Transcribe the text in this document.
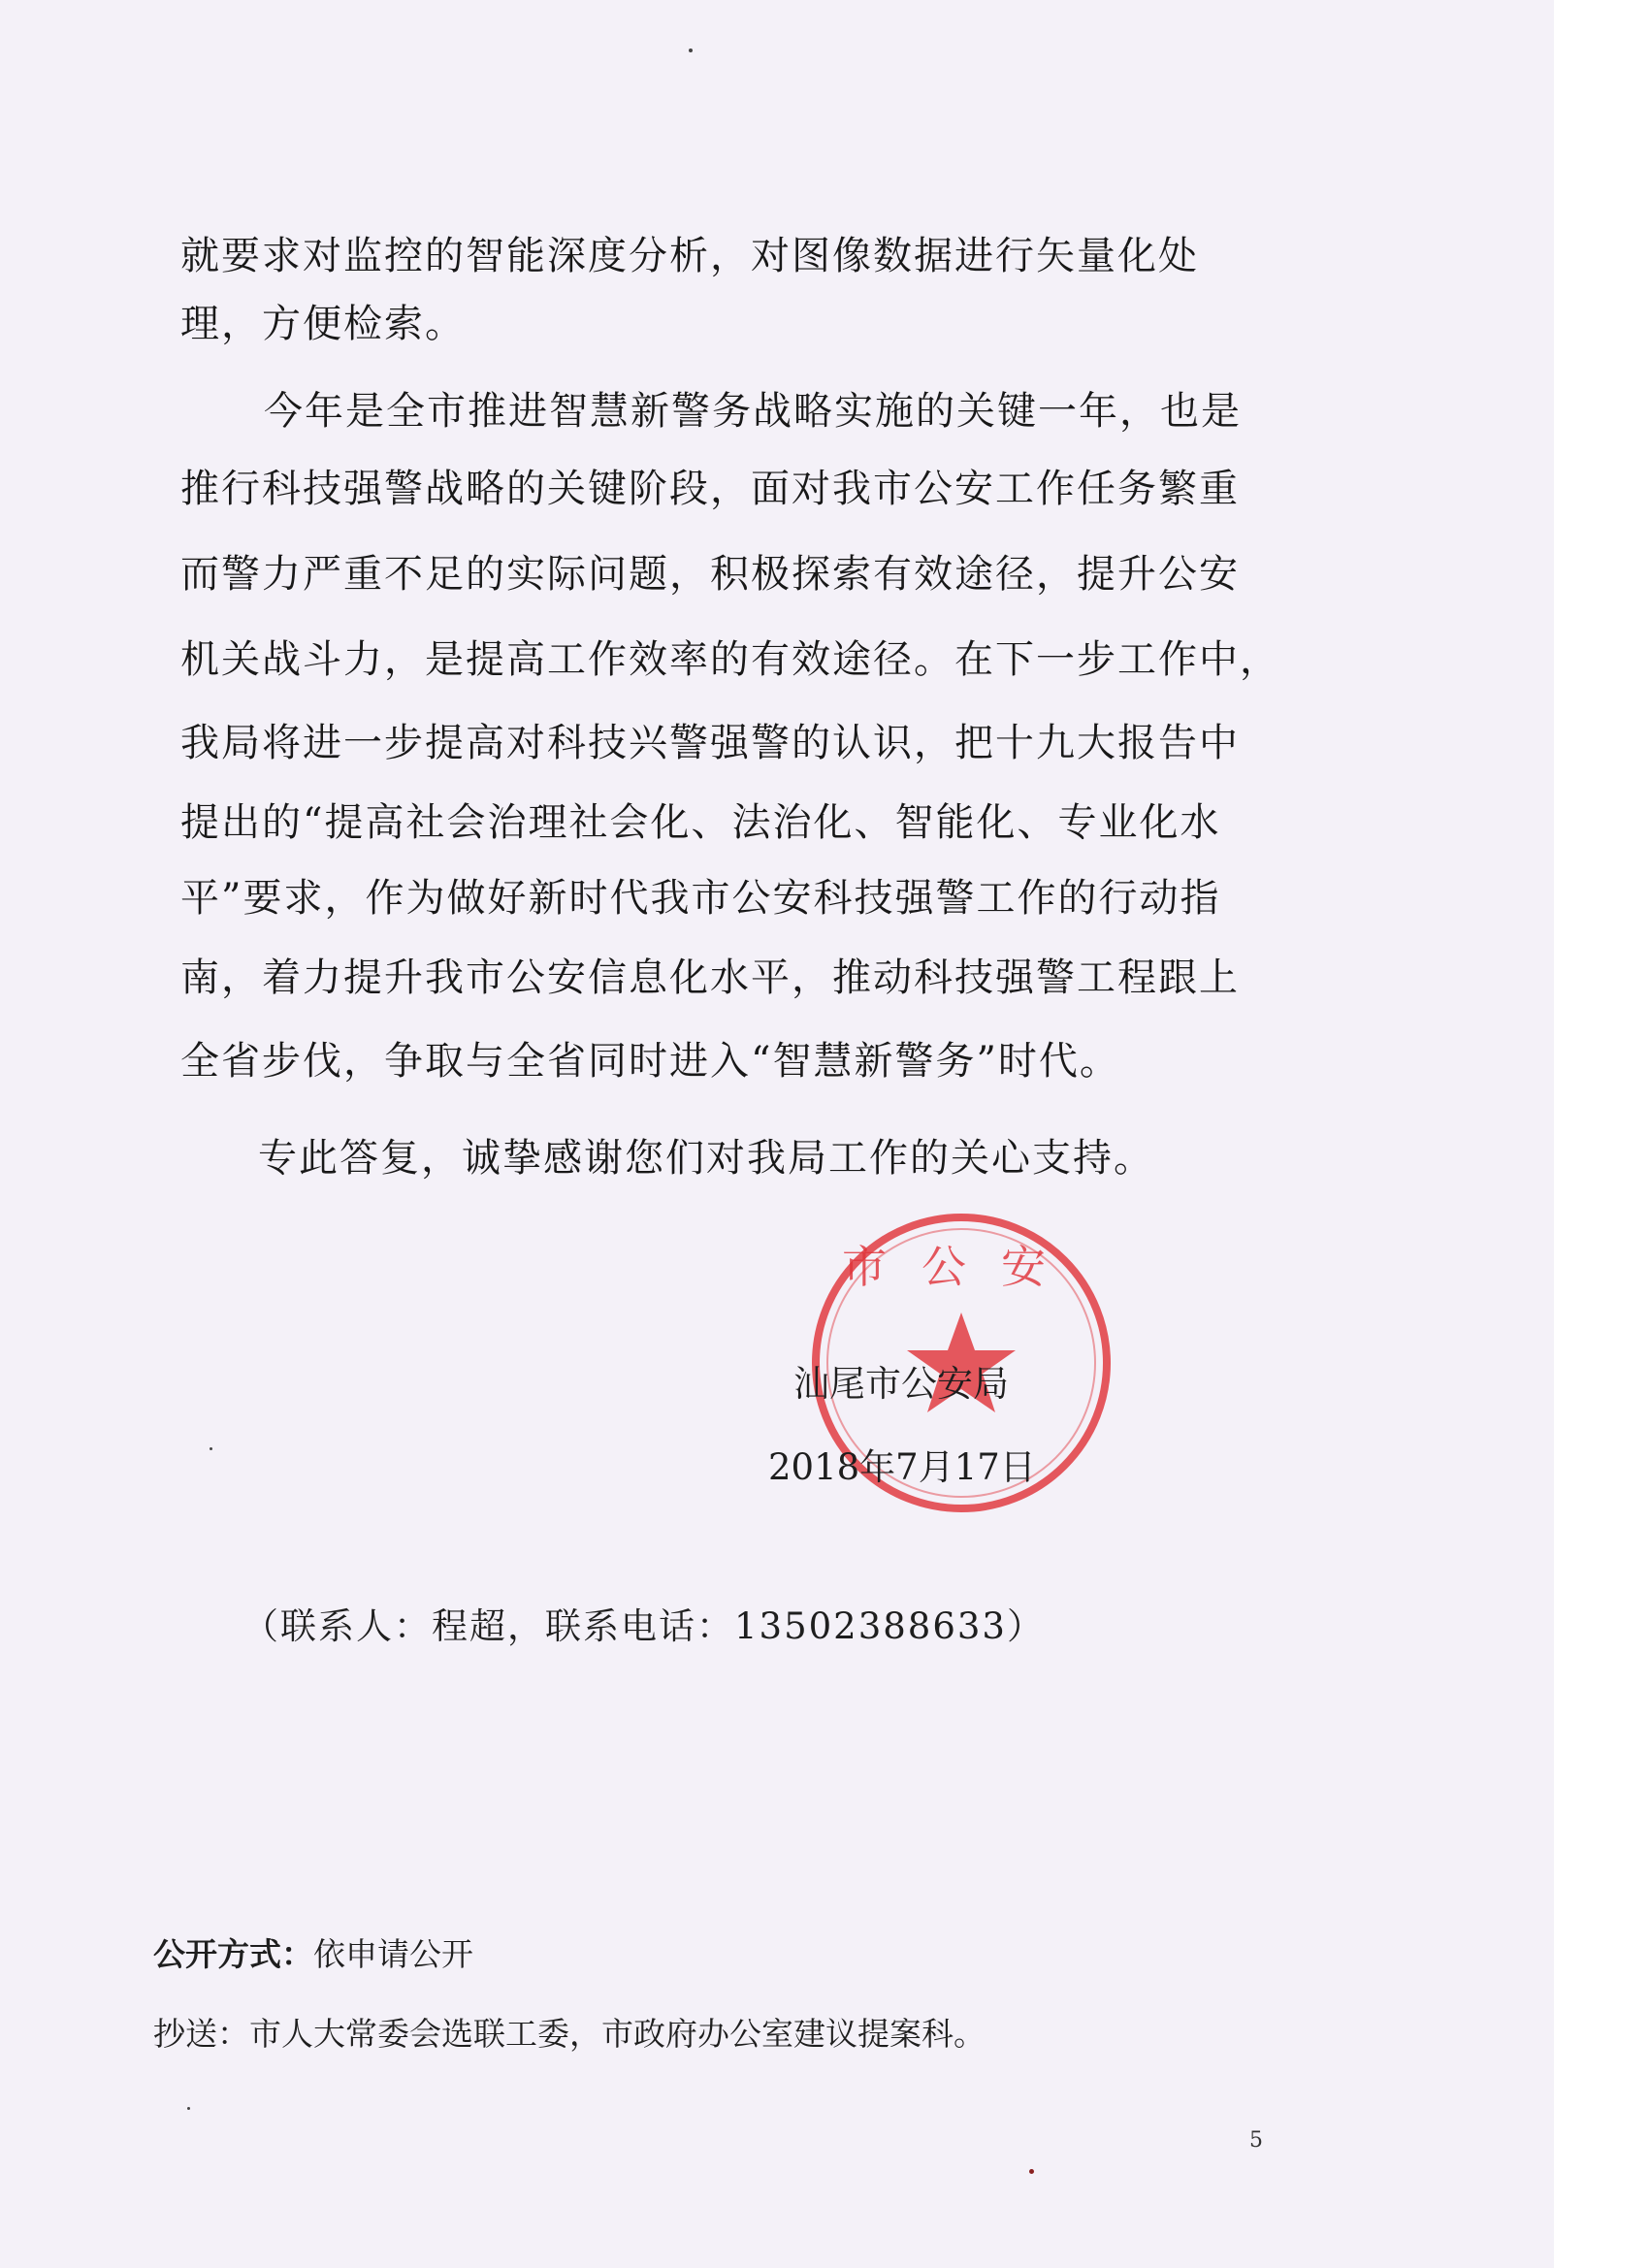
就要求对监控的智能深度分析，对图像数据进行矢量化处

理，方便检索。

今年是全市推进智慧新警务战略实施的关键一年，也是

推行科技强警战略的关键阶段，面对我市公安工作任务繁重

而警力严重不足的实际问题，积极探索有效途径，提升公安

机关战斗力，是提高工作效率的有效途径。在下一步工作中，

我局将进一步提高对科技兴警强警的认识，把十九大报告中

提出的“提高社会治理社会化、法治化、智能化、专业化水

平”要求，作为做好新时代我市公安科技强警工作的行动指

南，着力提升我市公安信息化水平，推动科技强警工程跟上

全省步伐，争取与全省同时进入“智慧新警务”时代。

专此答复，诚挚感谢您们对我局工作的关心支持。

市公安

汕尾市公安局

2018年7月17日

（联系人：程超，联系电话：13502388633）

公开方式：依申请公开

抄送：市人大常委会选联工委，市政府办公室建议提案科。

5
